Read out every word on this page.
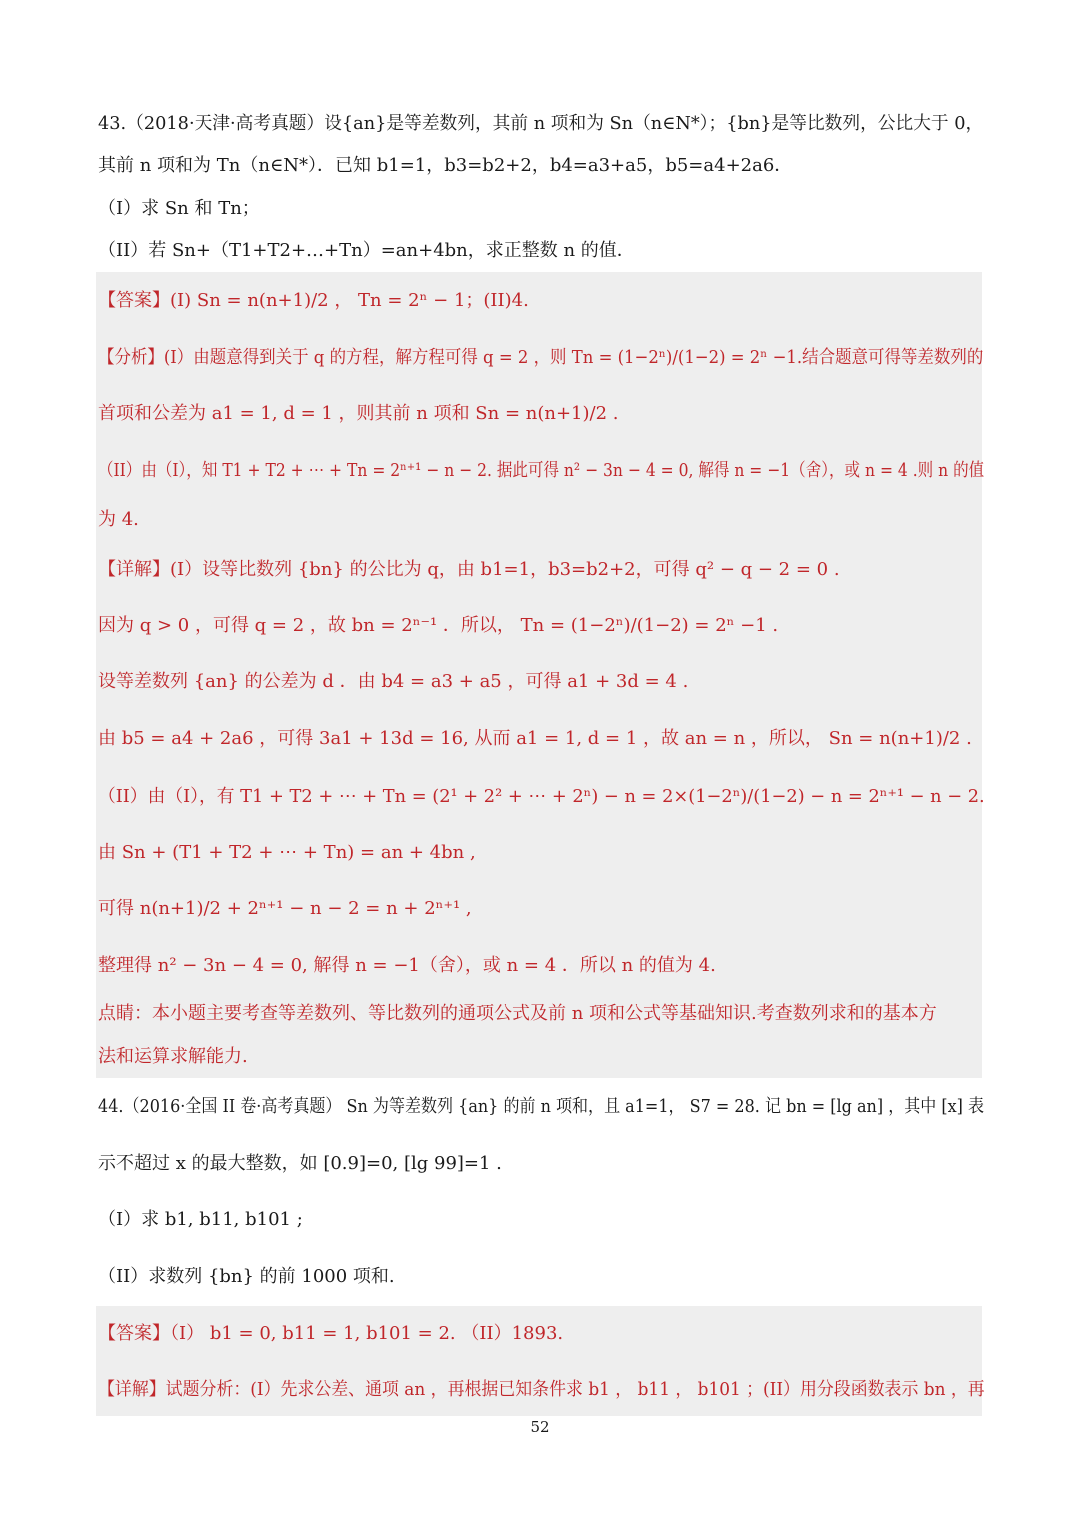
43.（2018·天津·高考真题）设{an}是等差数列，其前 n 项和为 Sn（n∈N*）；{bn}是等比数列，公比大于 0，
其前 n 项和为 Tn（n∈N*）．已知 b1=1，b3=b2+2，b4=a3+a5，b5=a4+2a6．
（I）求 Sn 和 Tn；
（II）若 Sn+（T1+T2+…+Tn）=an+4bn，求正整数 n 的值．
【答案】(I) Sn = n(n+1)/2 ， Tn = 2ⁿ − 1；(II)4.
【分析】(I）由题意得到关于 q 的方程，解方程可得 q = 2 ，则 Tn = (1−2ⁿ)/(1−2) = 2ⁿ −1.结合题意可得等差数列的
首项和公差为 a1 = 1, d = 1 ，则其前 n 项和 Sn = n(n+1)/2 .
（II）由（I），知 T1 + T2 + ⋯ + Tn = 2ⁿ⁺¹ − n − 2. 据此可得 n² − 3n − 4 = 0, 解得 n = −1（舍），或 n = 4 .则 n 的值
为 4.
【详解】(I）设等比数列 {bn} 的公比为 q，由 b1=1，b3=b2+2，可得 q² − q − 2 = 0 .
因为 q > 0 ，可得 q = 2 ，故 bn = 2ⁿ⁻¹ ．所以， Tn = (1−2ⁿ)/(1−2) = 2ⁿ −1 .
设等差数列 {an} 的公差为 d ．由 b4 = a3 + a5 ，可得 a1 + 3d = 4 .
由 b5 = a4 + 2a6 ，可得 3a1 + 13d = 16, 从而 a1 = 1, d = 1 ，故 an = n ，所以， Sn = n(n+1)/2 .
（II）由（I），有 T1 + T2 + ⋯ + Tn = (2¹ + 2² + ⋯ + 2ⁿ) − n = 2×(1−2ⁿ)/(1−2) − n = 2ⁿ⁺¹ − n − 2.
由 Sn + (T1 + T2 + ⋯ + Tn) = an + 4bn ,
可得 n(n+1)/2 + 2ⁿ⁺¹ − n − 2 = n + 2ⁿ⁺¹ ,
整理得 n² − 3n − 4 = 0, 解得 n = −1（舍），或 n = 4 ．所以 n 的值为 4.
点睛：本小题主要考查等差数列、等比数列的通项公式及前 n 项和公式等基础知识.考查数列求和的基本方
法和运算求解能力.
44.（2016·全国 II 卷·高考真题） Sn 为等差数列 {an} 的前 n 项和，且 a1=1， S7 = 28. 记 bn = [lg an] ，其中 [x] 表
示不超过 x 的最大整数，如 [0.9]=0, [lg 99]=1 .
（I）求 b1, b11, b101 ;
（II）求数列 {bn} 的前 1000 项和.
【答案】（I） b1 = 0, b11 = 1, b101 = 2. （II）1893.
【详解】试题分析：(I）先求公差、通项 an ，再根据已知条件求 b1 ， b11 ， b101 ；(II）用分段函数表示 bn ，再
52
